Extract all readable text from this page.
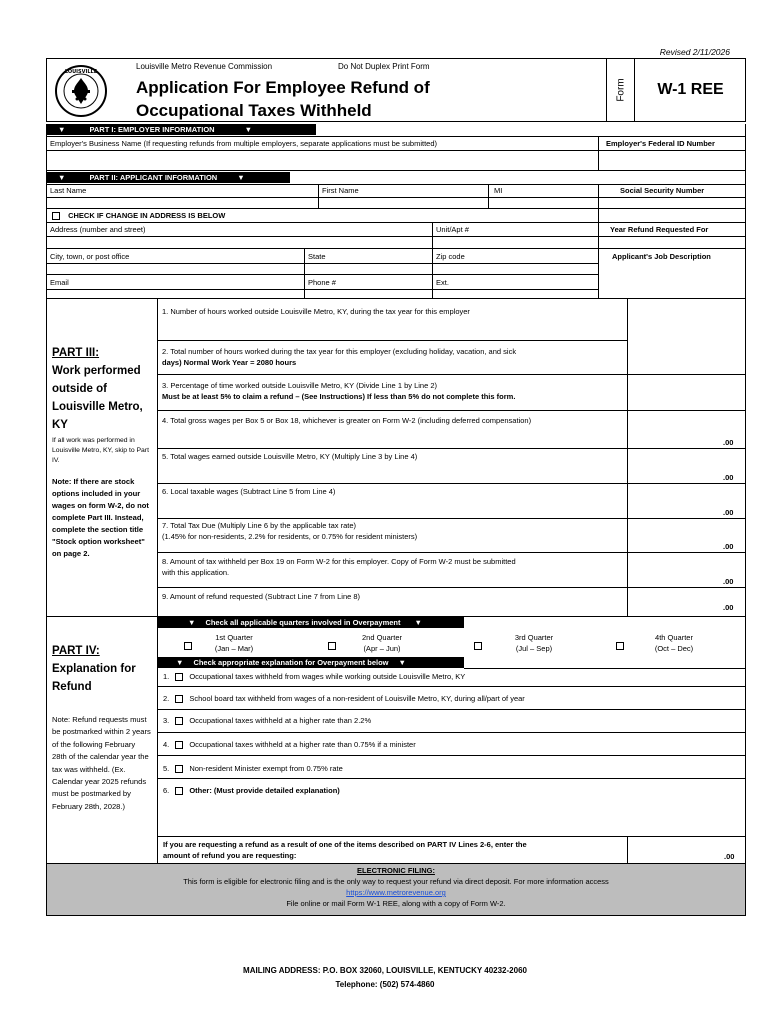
Revised 2/11/2026
LOUISVILLE
Louisville Metro Revenue Commission	Do Not Duplex Print Form
Application For Employee Refund of
Occupational Taxes Withheld
Form	W-1 REE
▼	PART I: EMPLOYER INFORMATION	▼
Employer's Business Name (If requesting refunds from multiple employers, separate applications must be submitted)	Employer's Federal ID Number
▼	PART II: APPLICANT INFORMATION	▼
Last Name	First Name	MI	Social Security Number
CHECK IF CHANGE IN ADDRESS IS BELOW
Address (number and street)	Unit/Apt #	Year Refund Requested For
City, town, or post office	State	Zip code	Applicant's Job Description
Email	Phone #	Ext.
PART III:
Work performed
outside of
Louisville Metro,
KY
If all work was performed in Louisville Metro, KY, skip to Part IV.
Note: If there are stock options included in your wages on form W-2, do not complete Part III. Instead, complete the section title "Stock option worksheet" on page 2.
1. Number of hours worked outside Louisville Metro, KY, during the tax year for this employer
2. Total number of hours worked during the tax year for this employer (excluding holiday, vacation, and sick
days) Normal Work Year = 2080 hours
3. Percentage of time worked outside Louisville Metro, KY (Divide Line 1 by Line 2)
Must be at least 5% to claim a refund – (See Instructions) If less than 5% do not complete this form.
4. Total gross wages per Box 5 or Box 18, whichever is greater on Form W-2 (including deferred compensation)
.00
5. Total wages earned outside Louisville Metro, KY (Multiply Line 3 by Line 4)
.00
6. Local taxable wages (Subtract Line 5 from Line 4)
.00
7. Total Tax Due (Multiply Line 6 by the applicable tax rate)
(1.45% for non-residents, 2.2% for residents, or 0.75% for resident ministers)
.00
8. Amount of tax withheld per Box 19 on Form W-2 for this employer. Copy of Form W-2 must be submitted
with this application.
.00
9. Amount of refund requested (Subtract Line 7 from Line 8)
.00
PART IV:
Explanation for
Refund
Note: Refund requests must be postmarked within 2 years of the following February 28th of the calendar year the tax was withheld. (Ex. Calendar year 2025 refunds must be postmarked by February 28th, 2028.)
▼ Check all applicable quarters involved in Overpayment ▼
1st Quarter
(Jan – Mar)
2nd Quarter
(Apr – Jun)
3rd Quarter
(Jul – Sep)
4th Quarter
(Oct – Dec)
▼ Check appropriate explanation for Overpayment below ▼
1. Occupational taxes withheld from wages while working outside Louisville Metro, KY
2. School board tax withheld from wages of a non-resident of Louisville Metro, KY, during all/part of year
3. Occupational taxes withheld at a higher rate than 2.2%
4. Occupational taxes withheld at a higher rate than 0.75% if a minister
5. Non-resident Minister exempt from 0.75% rate
6. Other: (Must provide detailed explanation)
If you are requesting a refund as a result of one of the items described on PART IV Lines 2-6, enter the
amount of refund you are requesting:	.00
ELECTRONIC FILING:
This form is eligible for electronic filing and is the only way to request your refund via direct deposit. For more information access
https://www.metrorevenue.org
File online or mail Form W-1 REE, along with a copy of Form W-2.
MAILING ADDRESS: P.O. BOX 32060, LOUISVILLE, KENTUCKY 40232-2060
Telephone: (502) 574-4860
